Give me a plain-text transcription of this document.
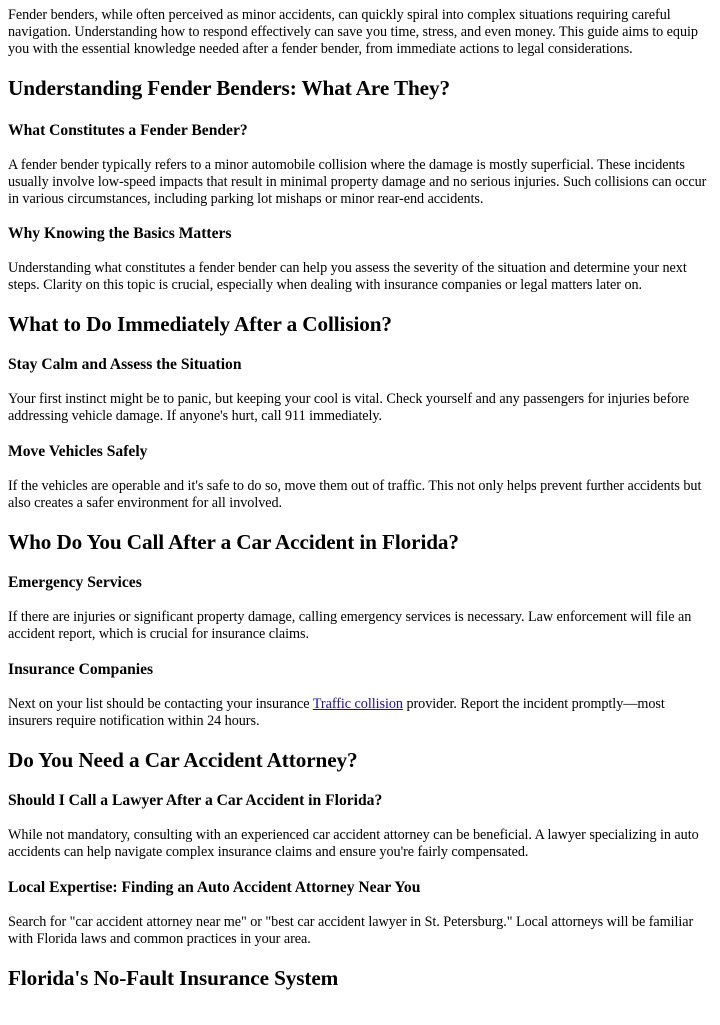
Fender benders, while often perceived as minor accidents, can quickly spiral into complex situations requiring careful navigation. Understanding how to respond effectively can save you time, stress, and even money. This guide aims to equip you with the essential knowledge needed after a fender bender, from immediate actions to legal considerations.

Understanding Fender Benders: What Are They?
What Constitutes a Fender Bender?

A fender bender typically refers to a minor automobile collision where the damage is mostly superficial. These incidents usually involve low-speed impacts that result in minimal property damage and no serious injuries. Such collisions can occur in various circumstances, including parking lot mishaps or minor rear-end accidents.

Why Knowing the Basics Matters

Understanding what constitutes a fender bender can help you assess the severity of the situation and determine your next steps. Clarity on this topic is crucial, especially when dealing with insurance companies or legal matters later on.

What to Do Immediately After a Collision?
Stay Calm and Assess the Situation

Your first instinct might be to panic, but keeping your cool is vital. Check yourself and any passengers for injuries before addressing vehicle damage. If anyone's hurt, call 911 immediately.

Move Vehicles Safely

If the vehicles are operable and it's safe to do so, move them out of traffic. This not only helps prevent further accidents but also creates a safer environment for all involved.

Who Do You Call After a Car Accident in Florida?
Emergency Services

If there are injuries or significant property damage, calling emergency services is necessary. Law enforcement will file an accident report, which is crucial for insurance claims.

Insurance Companies

Next on your list should be contacting your insurance Traffic collision provider. Report the incident promptly—most insurers require notification within 24 hours.

Do You Need a Car Accident Attorney?
Should I Call a Lawyer After a Car Accident in Florida?

While not mandatory, consulting with an experienced car accident attorney can be beneficial. A lawyer specializing in auto accidents can help navigate complex insurance claims and ensure you're fairly compensated.

Local Expertise: Finding an Auto Accident Attorney Near You

Search for "car accident attorney near me" or "best car accident lawyer in St. Petersburg." Local attorneys will be familiar with Florida laws and common practices in your area.

Florida's No-Fault Insurance System
